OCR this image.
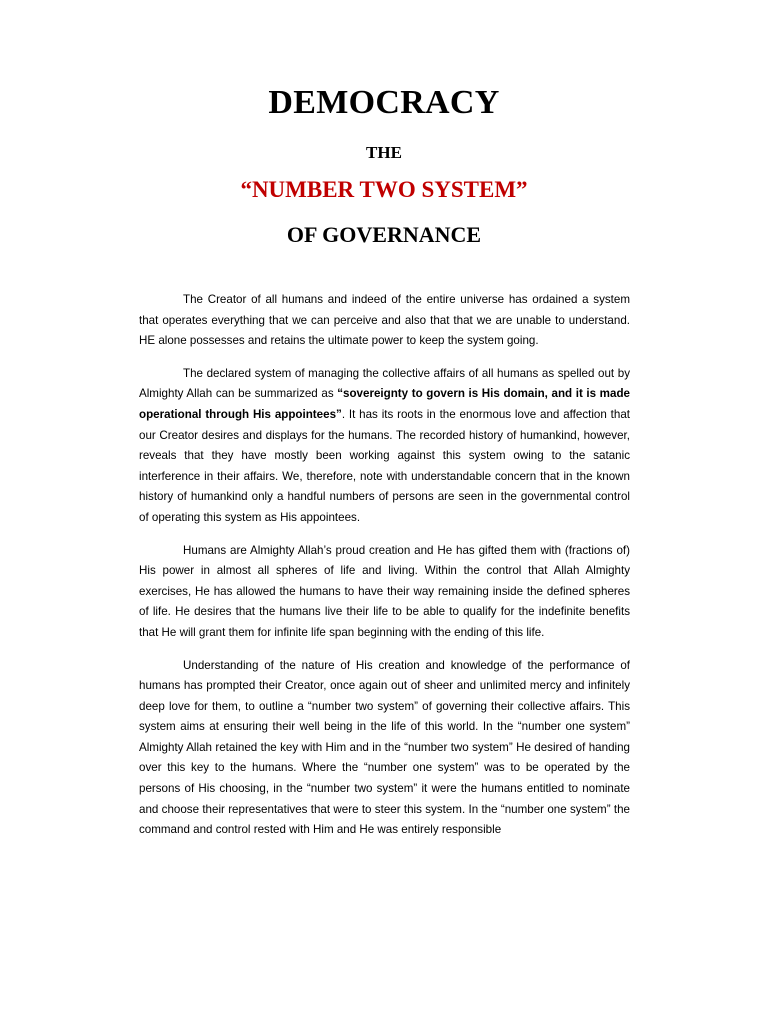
DEMOCRACY
THE
“NUMBER TWO SYSTEM”
OF GOVERNANCE

The Creator of all humans and indeed of the entire universe has ordained a system that operates everything that we can perceive and also that that we are unable to understand. HE alone possesses and retains the ultimate power to keep the system going.

The declared system of managing the collective affairs of all humans as spelled out by Almighty Allah can be summarized as “sovereignty to govern is His domain, and it is made operational through His appointees”. It has its roots in the enormous love and affection that our Creator desires and displays for the humans. The recorded history of humankind, however, reveals that they have mostly been working against this system owing to the satanic interference in their affairs. We, therefore, note with understandable concern that in the known history of humankind only a handful numbers of persons are seen in the governmental control of operating this system as His appointees.

Humans are Almighty Allah’s proud creation and He has gifted them with (fractions of) His power in almost all spheres of life and living. Within the control that Allah Almighty exercises, He has allowed the humans to have their way remaining inside the defined spheres of life. He desires that the humans live their life to be able to qualify for the indefinite benefits that He will grant them for infinite life span beginning with the ending of this life.

Understanding of the nature of His creation and knowledge of the performance of humans has prompted their Creator, once again out of sheer and unlimited mercy and infinitely deep love for them, to outline a “number two system” of governing their collective affairs. This system aims at ensuring their well being in the life of this world. In the “number one system” Almighty Allah retained the key with Him and in the “number two system” He desired of handing over this key to the humans. Where the “number one system” was to be operated by the persons of His choosing, in the “number two system” it were the humans entitled to nominate and choose their representatives that were to steer this system. In the “number one system” the command and control rested with Him and He was entirely responsible
